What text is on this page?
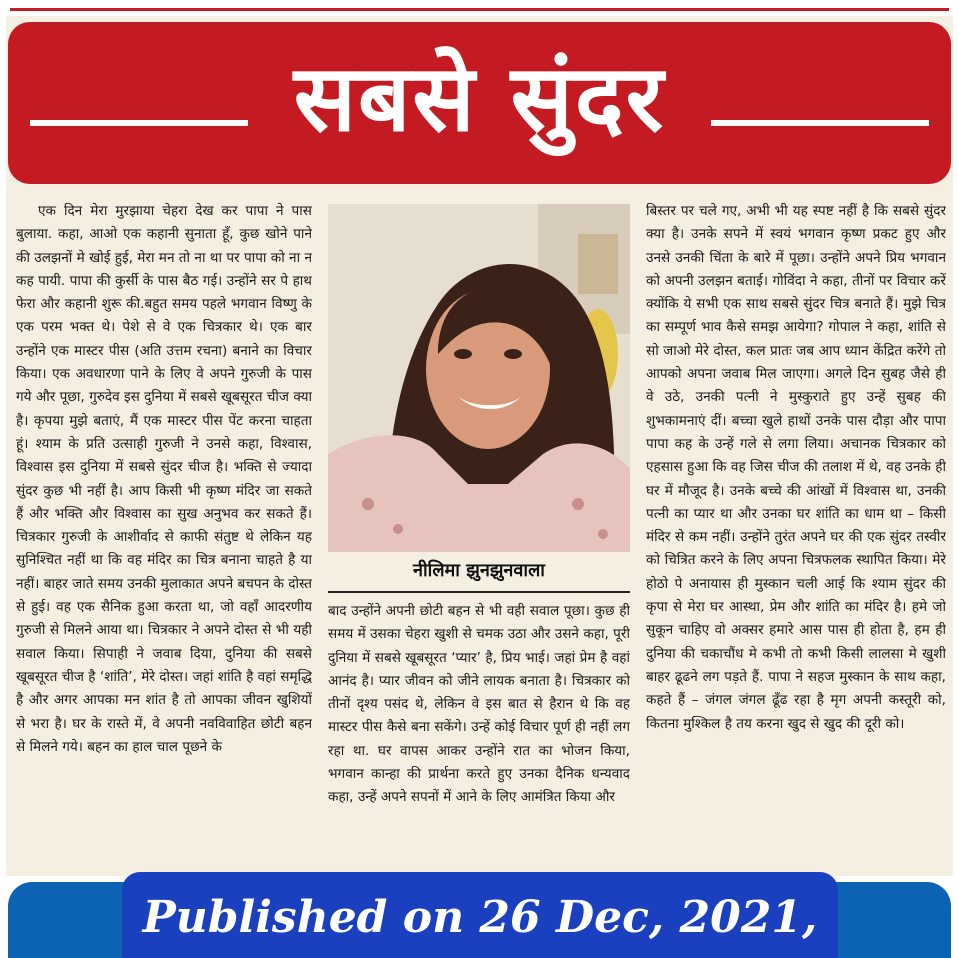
सबसे सुंदर
एक दिन मेरा मुरझाया चेहरा देख कर पापा ने पास बुलाया. कहा, आओ एक कहानी सुनाता हूँ, कुछ खोने पाने की उलझनों मे खोई हुई, मेरा मन तो ना था पर पापा को ना न कह पायी. पापा की कुर्सी के पास बैठ गई। उन्होंने सर पे हाथ फेरा और कहानी शुरू की.बहुत समय पहले भगवान विष्णु के एक परम भक्त थे। पेशे से वे एक चित्रकार थे। एक बार उन्होंने एक मास्टर पीस (अति उत्तम रचना) बनाने का विचार किया। एक अवधारणा पाने के लिए वे अपने गुरुजी के पास गये और पूछा, गुरुदेव इस दुनिया में सबसे खूबसूरत चीज क्या है। कृपया मुझे बताएं, मैं एक मास्टर पीस पेंट करना चाहता हूं। श्याम के प्रति उत्साही गुरुजी ने उनसे कहा, विश्वास, विश्वास इस दुनिया में सबसे सुंदर चीज है। भक्ति से ज्यादा सुंदर कुछ भी नहीं है। आप किसी भी कृष्ण मंदिर जा सकते हैं और भक्ति और विश्वास का सुख अनुभव कर सकते हैं। चित्रकार गुरुजी के आशीर्वाद से काफी संतुष्ट थे लेकिन यह सुनिश्चित नहीं था कि वह मंदिर का चित्र बनाना चाहते है या नहीं। बाहर जाते समय उनकी मुलाकात अपने बचपन के दोस्त से हुई। वह एक सैनिक हुआ करता था, जो वहाँ आदरणीय गुरुजी से मिलने आया था। चित्रकार ने अपने दोस्त से भी यही सवाल किया। सिपाही ने जवाब दिया, दुनिया की सबसे खूबसूरत चीज है ‘शांति’, मेरे दोस्त। जहां शांति है वहां समृद्धि है और अगर आपका मन शांत है तो आपका जीवन खुशियों से भरा है। घर के रास्ते में, वे अपनी नवविवाहित छोटी बहन से मिलने गये। बहन का हाल चाल पूछने के
नीलिमा झुनझुनवाला
बाद उन्होंने अपनी छोटी बहन से भी वही सवाल पूछा। कुछ ही समय में उसका चेहरा खुशी से चमक उठा और उसने कहा, पूरी दुनिया में सबसे खूबसूरत ‘प्यार’ है, प्रिय भाई। जहां प्रेम है वहां आनंद है। प्यार जीवन को जीने लायक बनाता है। चित्रकार को तीनों दृश्य पसंद थे, लेकिन वे इस बात से हैरान थे कि वह मास्टर पीस कैसे बना सकेंगे। उन्हें कोई विचार पूर्ण ही नहीं लग रहा था. घर वापस आकर उन्होंने रात का भोजन किया, भगवान कान्हा की प्रार्थना करते हुए उनका दैनिक धन्यवाद कहा, उन्हें अपने सपनों में आने के लिए आमंत्रित किया और
बिस्तर पर चले गए, अभी भी यह स्पष्ट नहीं है कि सबसे सुंदर क्या है। उनके सपने में स्वयं भगवान कृष्ण प्रकट हुए और उनसे उनकी चिंता के बारे में पूछा। उन्होंने अपने प्रिय भगवान को अपनी उलझन बताई। गोविंदा ने कहा, तीनों पर विचार करें क्योंकि ये सभी एक साथ सबसे सुंदर चित्र बनाते हैं। मुझे चित्र का सम्पूर्ण भाव कैसे समझ आयेगा? गोपाल ने कहा, शांति से सो जाओ मेरे दोस्त, कल प्रातः जब आप ध्यान केंद्रित करेंगे तो आपको अपना जवाब मिल जाएगा। अगले दिन सुबह जैसे ही वे उठे, उनकी पत्नी ने मुस्कुराते हुए उन्हें सुबह की शुभकामनाएं दीं। बच्चा खुले हाथों उनके पास दौड़ा और पापा पापा कह के उन्हें गले से लगा लिया। अचानक चित्रकार को एहसास हुआ कि वह जिस चीज की तलाश में थे, वह उनके ही घर में मौजूद है। उनके बच्चे की आंखों में विश्वास था, उनकी पत्नी का प्यार था और उनका घर शांति का धाम था – किसी मंदिर से कम नहीं। उन्होंने तुरंत अपने घर की एक सुंदर तस्वीर को चित्रित करने के लिए अपना चित्रफलक स्थापित किया। मेरे होठो पे अनायास ही मुस्कान चली आई कि श्याम सुंदर की कृपा से मेरा घर आस्था, प्रेम और शांति का मंदिर है। हमे जो सुकून चाहिए वो अक्सर हमारे आस पास ही होता है, हम ही दुनिया की चकाचौंध मे कभी तो कभी किसी लालसा मे खुशी बाहर ढूढने लग पड़ते हैं. पापा ने सहज मुस्कान के साथ कहा, कहते हैं – जंगल जंगल ढूँढ रहा है मृग अपनी कस्तूरी को, कितना मुश्किल है तय करना खुद से खुद की दूरी को।
Published on 26 Dec, 2021,
